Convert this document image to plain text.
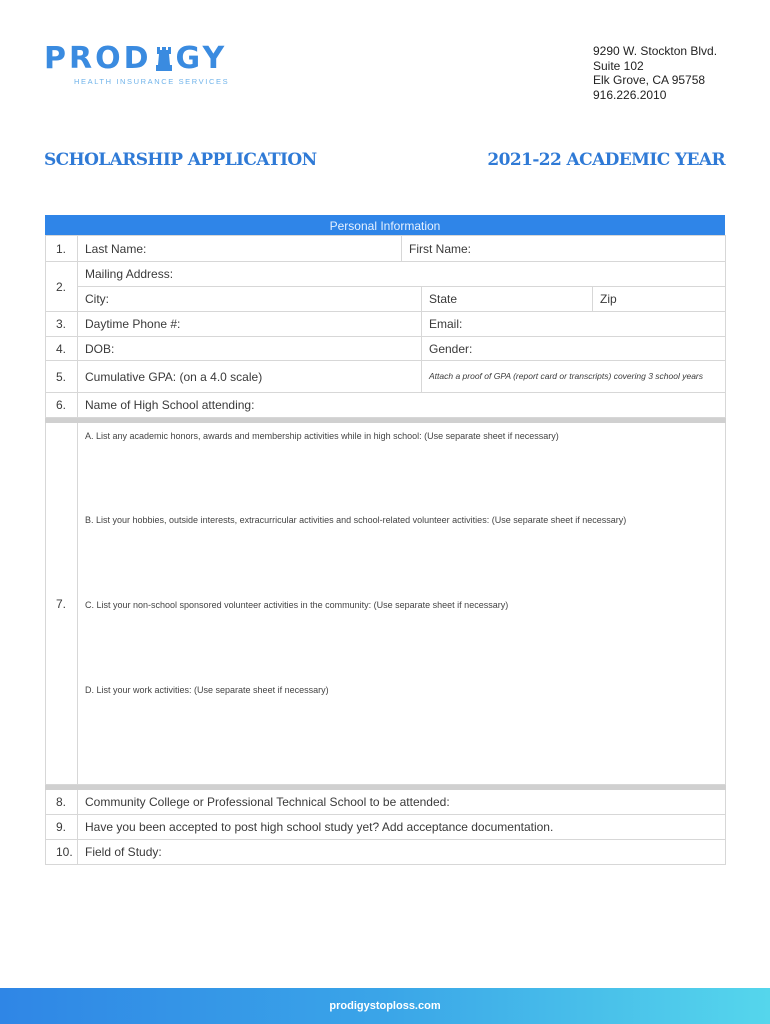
PROD GY
HEALTH INSURANCE SERVICES
9290 W. Stockton Blvd.
Suite 102
Elk Grove, CA 95758
916.226.2010
SCHOLARSHIP APPLICATION	2021-22 ACADEMIC YEAR
Personal Information
1.	Last Name:	First Name:		
2.	Mailing Address:			
	City:		State	Zip
3.	Daytime Phone #:		Email:	
4.	DOB:		Gender:	
5.	Cumulative GPA: (on a 4.0 scale)		Attach a proof of GPA (report card or transcripts) covering 3 school years	
6.	Name of High School attending:			

7.	A. List any academic honors, awards and membership activities while in high school: (Use separate sheet if necessary)
B. List your hobbies, outside interests, extracurricular activities and school-related volunteer activities: (Use separate sheet if necessary)
C. List your non-school sponsored volunteer activities in the community: (Use separate sheet if necessary)
D. List your work activities: (Use separate sheet if necessary)			

8.	Community College or Professional Technical School to be attended:			
9.	Have you been accepted to post high school study yet? Add acceptance documentation.			
10.	Field of Study:			
prodigystoploss.com
